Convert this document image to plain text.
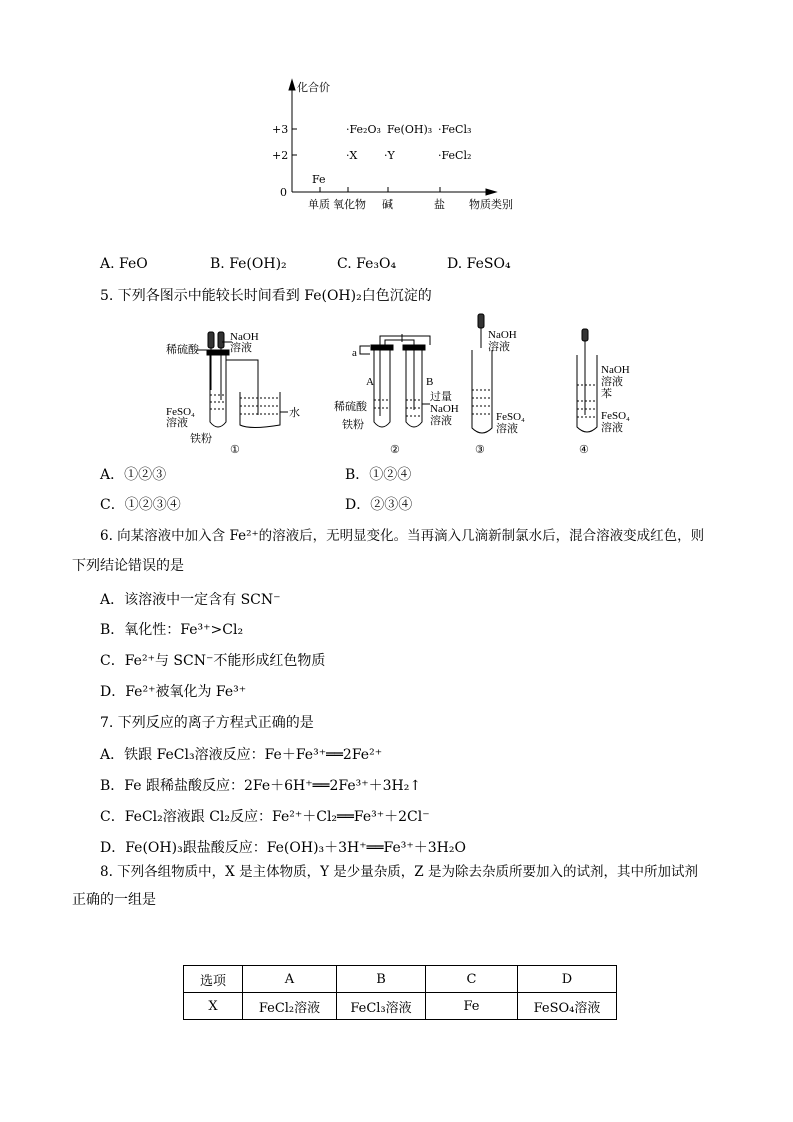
化合价
+3
+2
0
Fe
·Fe₂O₃ Fe(OH)₃ ·FeCl₃
·X ·Y	·FeCl₂
单质 氧化物 碱	盐 物质类别
A. FeO	B. Fe(OH)₂	C. Fe₃O₄	D. FeSO₄
5. 下列各图示中能较长时间看到 Fe(OH)₂白色沉淀的
稀硫酸
NaOH
溶液
FeSO₄
溶液
铁粉
水
①
a
A	B
稀硫酸
铁粉
过量
NaOH
溶液
②
NaOH
溶液
FeSO₄
溶液
③
NaOH
溶液
苯
FeSO₄
溶液
④
A．①②③	B．①②④
C．①②③④	D．②③④
6. 向某溶液中加入含 Fe²⁺的溶液后，无明显变化。当再滴入几滴新制氯水后，混合溶液变成红色，则
下列结论错误的是
A．该溶液中一定含有 SCN⁻
B．氧化性：Fe³⁺>Cl₂
C．Fe²⁺与 SCN⁻不能形成红色物质
D．Fe²⁺被氧化为 Fe³⁺
7. 下列反应的离子方程式正确的是
A．铁跟 FeCl₃溶液反应：Fe＋Fe³⁺══2Fe²⁺
B．Fe 跟稀盐酸反应：2Fe＋6H⁺══2Fe³⁺＋3H₂↑
C．FeCl₂溶液跟 Cl₂反应：Fe²⁺＋Cl₂══Fe³⁺＋2Cl⁻
D．Fe(OH)₃跟盐酸反应：Fe(OH)₃＋3H⁺══Fe³⁺＋3H₂O
8. 下列各组物质中，X 是主体物质，Y 是少量杂质，Z 是为除去杂质所要加入的试剂，其中所加试剂
正确的一组是
选项	A	B	C	D
X	FeCl₂溶液	FeCl₃溶液	Fe	FeSO₄溶液
